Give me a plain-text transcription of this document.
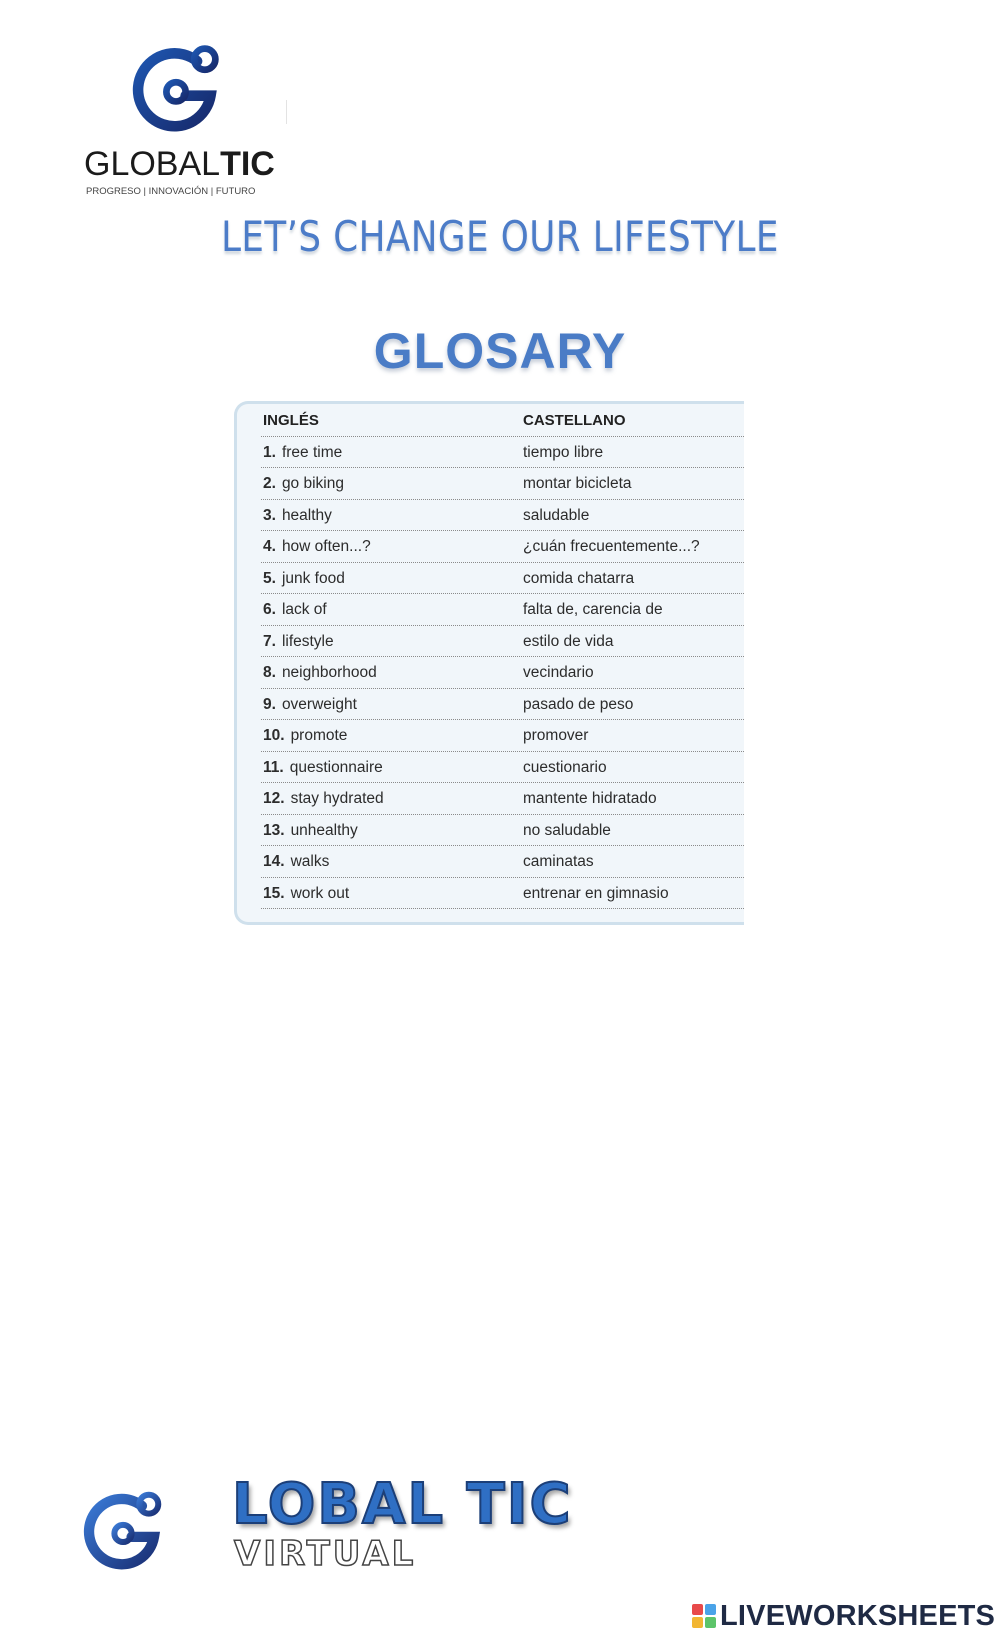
GLOBALTIC
PROGRESO | INNOVACIÓN | FUTURO
LET’S CHANGE OUR LIFESTYLE
GLOSARY
INGLÉS	CASTELLANO
1. free time	tiempo libre
2. go biking	montar bicicleta
3. healthy	saludable
4. how often...?	¿cuán frecuentemente...?
5. junk food	comida chatarra
6. lack of	falta de, carencia de
7. lifestyle	estilo de vida
8. neighborhood	vecindario
9. overweight	pasado de peso
10. promote	promover
11. questionnaire	cuestionario
12. stay hydrated	mantente hidratado
13. unhealthy	no saludable
14. walks	caminatas
15. work out	entrenar en gimnasio
LOBAL TIC
VIRTUAL
LIVEWORKSHEETS
